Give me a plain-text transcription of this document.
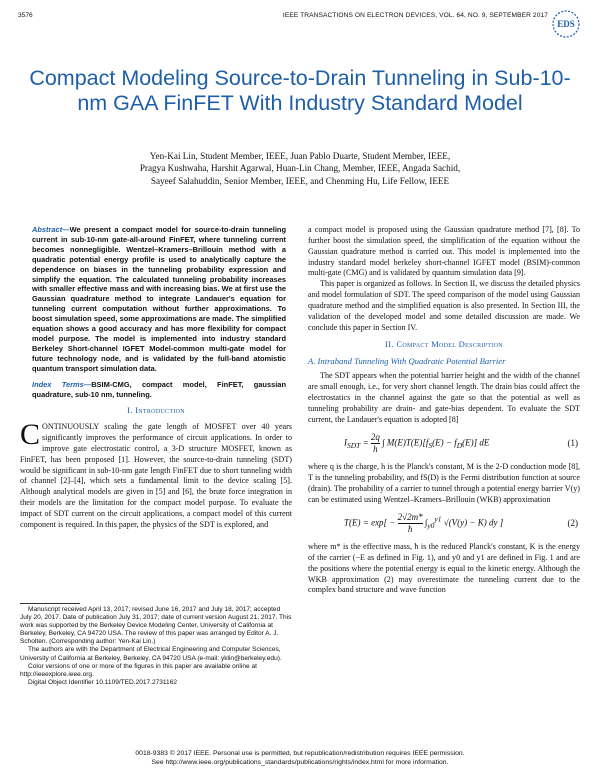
3576	IEEE TRANSACTIONS ON ELECTRON DEVICES, VOL. 64, NO. 9, SEPTEMBER 2017
EDS
Compact Modeling Source-to-Drain Tunneling in Sub-10-nm GAA FinFET With Industry Standard Model
Yen-Kai Lin, Student Member, IEEE, Juan Pablo Duarte, Student Member, IEEE,
Pragya Kushwaha, Harshit Agarwal, Huan-Lin Chang, Member, IEEE, Angada Sachid,
Sayeef Salahuddin, Senior Member, IEEE, and Chenming Hu, Life Fellow, IEEE
Abstract—We present a compact model for source-to-drain tunneling current in sub-10-nm gate-all-around FinFET, where tunneling current becomes nonnegligible. Wentzel–Kramers–Brillouin method with a quadratic potential energy profile is used to analytically capture the dependence on biases in the tunneling probability expression and simplify the equation. The calculated tunneling probability increases with smaller effective mass and with increasing bias. We at first use the Gaussian quadrature method to integrate Landauer's equation for tunneling current computation without further approximations. To boost simulation speed, some approximations are made. The simplified equation shows a good accuracy and has more flexibility for compact model purpose. The model is implemented into industry standard Berkeley Short-channel IGFET Model-common multi-gate model for future technology node, and is validated by the full-band atomistic quantum transport simulation data.
Index Terms—BSIM-CMG, compact model, FinFET, gaussian quadrature, sub-10 nm, tunneling.
I. Introduction

CONTINUOUSLY scaling the gate length of MOSFET over 40 years significantly improves the performance of circuit applications. In order to improve gate electrostatic control, a 3-D structure MOSFET, known as FinFET, has been proposed [1]. However, the source-to-drain tunneling (SDT) would be significant in sub-10-nm gate length FinFET due to short tunneling width of channel [2]–[4], which sets a fundamental limit to the device scaling [5]. Although analytical models are given in [5] and [6], the brute force integration in their models are the limitation for the compact model purpose. To evaluate the impact of SDT current on the circuit applications, a compact model of this current component is required. In this paper, the physics of the SDT is explored, and

Manuscript received April 13, 2017; revised June 16, 2017 and July 18, 2017; accepted July 20, 2017. Date of publication July 31, 2017; date of current version August 21, 2017. This work was supported by the Berkeley Device Modeling Center, University of California at Berkeley, Berkeley, CA 94720 USA. The review of this paper was arranged by Editor A. J. Scholten. (Corresponding author: Yen-Kai Lin.)

The authors are with the Department of Electrical Engineering and Computer Sciences, University of California at Berkeley, Berkeley, CA 94720 USA (e-mail: yklin@berkeley.edu).

Color versions of one or more of the figures in this paper are available online at http://ieeexplore.ieee.org.

Digital Object Identifier 10.1109/TED.2017.2731162

a compact model is proposed using the Gaussian quadrature method [7], [8]. To further boost the simulation speed, the simplification of the equation without the Gaussian quadrature method is carried out. This model is implemented into the industry standard model berkeley short-channel IGFET model (BSIM)-common multi-gate (CMG) and is validated by quantum simulation data [9].

This paper is organized as follows. In Section II, we discuss the detailed physics and model formulation of SDT. The speed comparison of the model using Gaussian quadrature method and the simplified equation is also presented. In Section III, the validation of the developed model and some detailed discussion are made. We conclude this paper in Section IV.

II. Compact Model Description
A. Intraband Tunneling With Quadratic Potential Barrier

The SDT appears when the potential barrier height and the width of the channel are small enough, i.e., for very short channel length. The drain bias could affect the electrostatics in the channel against the gate so that the potential as well as tunneling probability are drain- and gate-bias dependent. To evaluate the SDT current, the Landauer's equation is adopted [8]

$I_{SDT} = \frac{2q}{h}$ ∫ $M(E)T(E)[f_S(E) - f_D(E)]$ dE	(1)

where q is the charge, h is the Planck's constant, M is the 2-D conduction mode [8], T is the tunneling probability, and fS(D) is the Fermi distribution function at source (drain). The probability of a carrier to tunnel through a potential energy barrier V(y) can be estimated using Wentzel–Kramers–Brillouin (WKB) approximation

$T(E) = \exp[ - \frac{2√2m*}{ħ} \int_{y0}^{y1}$ √(V(y) − K) dy ]	(2)

where m* is the effective mass, ħ is the reduced Planck's constant, K is the energy of the carrier (−E as defined in Fig. 1), and y0 and y1 are defined in Fig. 1 and are the positions where the potential energy is equal to the kinetic energy. Although the WKB approximation (2) may overestimate the tunneling current due to the complex band structure and wave function

0018-9383 © 2017 IEEE. Personal use is permitted, but republication/redistribution requires IEEE permission.
See http://www.ieee.org/publications_standards/publications/rights/index.html for more information.
